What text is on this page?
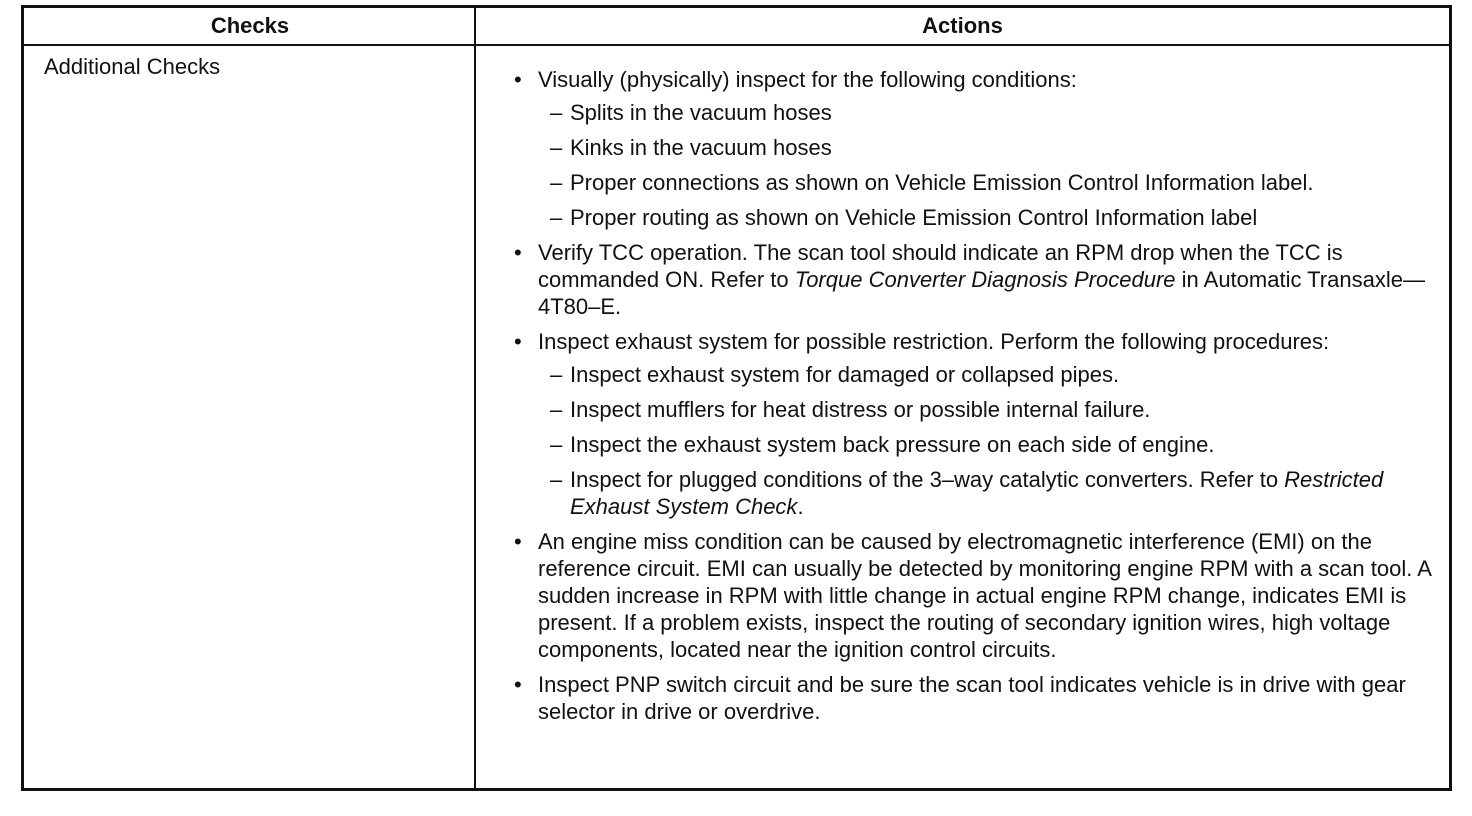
Checks	Actions
Additional Checks
• Visually (physically) inspect for the following conditions:
– Splits in the vacuum hoses
– Kinks in the vacuum hoses
– Proper connections as shown on Vehicle Emission Control Information label.
– Proper routing as shown on Vehicle Emission Control Information label
• Verify TCC operation. The scan tool should indicate an RPM drop when the TCC is commanded ON. Refer to Torque Converter Diagnosis Procedure in Automatic Transaxle—4T80–E.
• Inspect exhaust system for possible restriction. Perform the following procedures:
– Inspect exhaust system for damaged or collapsed pipes.
– Inspect mufflers for heat distress or possible internal failure.
– Inspect the exhaust system back pressure on each side of engine.
– Inspect for plugged conditions of the 3–way catalytic converters. Refer to Restricted Exhaust System Check.
• An engine miss condition can be caused by electromagnetic interference (EMI) on the reference circuit. EMI can usually be detected by monitoring engine RPM with a scan tool. A sudden increase in RPM with little change in actual engine RPM change, indicates EMI is present. If a problem exists, inspect the routing of secondary ignition wires, high voltage components, located near the ignition control circuits.
• Inspect PNP switch circuit and be sure the scan tool indicates vehicle is in drive with gear selector in drive or overdrive.
